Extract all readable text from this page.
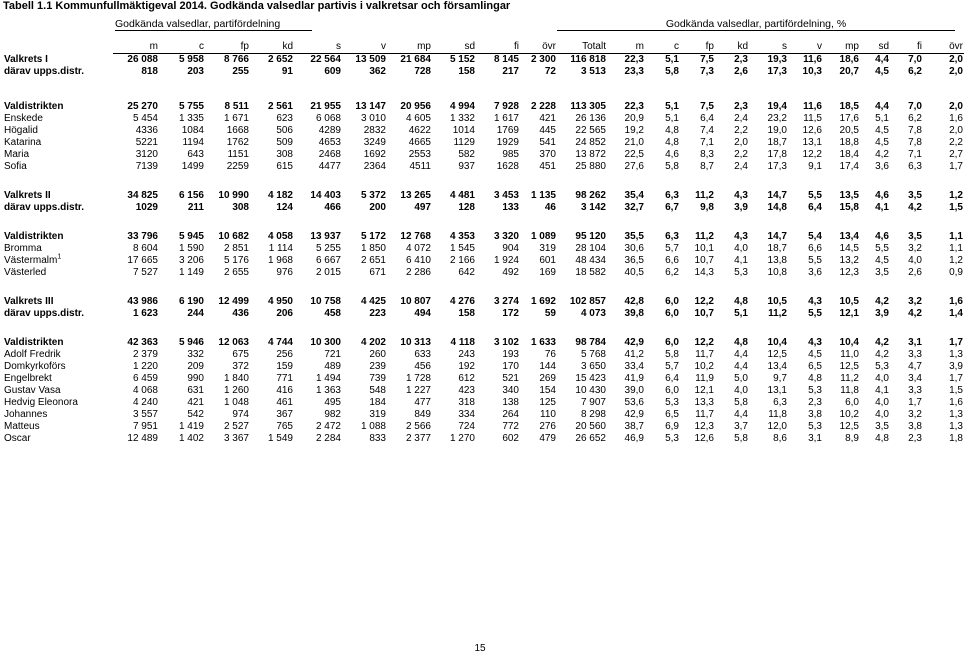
Tabell 1.1 Kommunfullmäktigeval 2014. Godkända valsedlar partivis i valkretsar och församlingar
Godkända valsedlar, partifördelning	Godkända valsedlar, partifördelning, %
	m	c	fp	kd	s	v	mp	sd	fi	övr	Totalt	m	c	fp	kd	s	v	mp	sd	fi	övr	
Valkrets I	26 088	5 958	8 766	2 652	22 564	13 509	21 684	5 152	8 145	2 300	116 818	22,3	5,1	7,5	2,3	19,3	11,6	18,6	4,4	7,0	2,0	
därav upps.distr.	818	203	255	91	609	362	728	158	217	72	3 513	23,3	5,8	7,3	2,6	17,3	10,3	20,7	4,5	6,2	2,0	

Valdistrikten	25 270	5 755	8 511	2 561	21 955	13 147	20 956	4 994	7 928	2 228	113 305	22,3	5,1	7,5	2,3	19,4	11,6	18,5	4,4	7,0	2,0	
Enskede	5 454	1 335	1 671	623	6 068	3 010	4 605	1 332	1 617	421	26 136	20,9	5,1	6,4	2,4	23,2	11,5	17,6	5,1	6,2	1,6	
Högalid	4336	1084	1668	506	4289	2832	4622	1014	1769	445	22 565	19,2	4,8	7,4	2,2	19,0	12,6	20,5	4,5	7,8	2,0	
Katarina	5221	1194	1762	509	4653	3249	4665	1129	1929	541	24 852	21,0	4,8	7,1	2,0	18,7	13,1	18,8	4,5	7,8	2,2	
Maria	3120	643	1151	308	2468	1692	2553	582	985	370	13 872	22,5	4,6	8,3	2,2	17,8	12,2	18,4	4,2	7,1	2,7	
Sofia	7139	1499	2259	615	4477	2364	4511	937	1628	451	25 880	27,6	5,8	8,7	2,4	17,3	9,1	17,4	3,6	6,3	1,7	

Valkrets II	34 825	6 156	10 990	4 182	14 403	5 372	13 265	4 481	3 453	1 135	98 262	35,4	6,3	11,2	4,3	14,7	5,5	13,5	4,6	3,5	1,2	
därav upps.distr.	1029	211	308	124	466	200	497	128	133	46	3 142	32,7	6,7	9,8	3,9	14,8	6,4	15,8	4,1	4,2	1,5	

Valdistrikten	33 796	5 945	10 682	4 058	13 937	5 172	12 768	4 353	3 320	1 089	95 120	35,5	6,3	11,2	4,3	14,7	5,4	13,4	4,6	3,5	1,1	
Bromma	8 604	1 590	2 851	1 114	5 255	1 850	4 072	1 545	904	319	28 104	30,6	5,7	10,1	4,0	18,7	6,6	14,5	5,5	3,2	1,1	
Västermalm$^1$	17 665	3 206	5 176	1 968	6 667	2 651	6 410	2 166	1 924	601	48 434	36,5	6,6	10,7	4,1	13,8	5,5	13,2	4,5	4,0	1,2	
Västerled	7 527	1 149	2 655	976	2 015	671	2 286	642	492	169	18 582	40,5	6,2	14,3	5,3	10,8	3,6	12,3	3,5	2,6	0,9	

Valkrets III	43 986	6 190	12 499	4 950	10 758	4 425	10 807	4 276	3 274	1 692	102 857	42,8	6,0	12,2	4,8	10,5	4,3	10,5	4,2	3,2	1,6	
därav upps.distr.	1 623	244	436	206	458	223	494	158	172	59	4 073	39,8	6,0	10,7	5,1	11,2	5,5	12,1	3,9	4,2	1,4	

Valdistrikten	42 363	5 946	12 063	4 744	10 300	4 202	10 313	4 118	3 102	1 633	98 784	42,9	6,0	12,2	4,8	10,4	4,3	10,4	4,2	3,1	1,7	
Adolf Fredrik	2 379	332	675	256	721	260	633	243	193	76	5 768	41,2	5,8	11,7	4,4	12,5	4,5	11,0	4,2	3,3	1,3	
Domkyrkoförs	1 220	209	372	159	489	239	456	192	170	144	3 650	33,4	5,7	10,2	4,4	13,4	6,5	12,5	5,3	4,7	3,9	
Engelbrekt	6 459	990	1 840	771	1 494	739	1 728	612	521	269	15 423	41,9	6,4	11,9	5,0	9,7	4,8	11,2	4,0	3,4	1,7	
Gustav Vasa	4 068	631	1 260	416	1 363	548	1 227	423	340	154	10 430	39,0	6,0	12,1	4,0	13,1	5,3	11,8	4,1	3,3	1,5	
Hedvig Eleonora	4 240	421	1 048	461	495	184	477	318	138	125	7 907	53,6	5,3	13,3	5,8	6,3	2,3	6,0	4,0	1,7	1,6	
Johannes	3 557	542	974	367	982	319	849	334	264	110	8 298	42,9	6,5	11,7	4,4	11,8	3,8	10,2	4,0	3,2	1,3	
Matteus	7 951	1 419	2 527	765	2 472	1 088	2 566	724	772	276	20 560	38,7	6,9	12,3	3,7	12,0	5,3	12,5	3,5	3,8	1,3	
Oscar	12 489	1 402	3 367	1 549	2 284	833	2 377	1 270	602	479	26 652	46,9	5,3	12,6	5,8	8,6	3,1	8,9	4,8	2,3	1,8	
15
